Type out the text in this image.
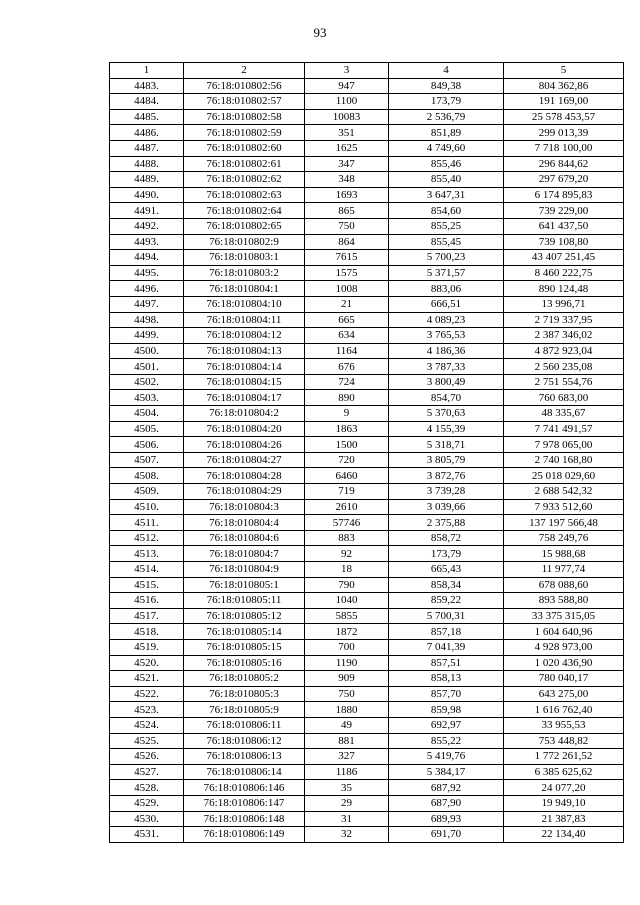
93
1	2	3	4	5
4483.	76:18:010802:56	947	849,38	804 362,86
4484.	76:18:010802:57	1100	173,79	191 169,00
4485.	76:18:010802:58	10083	2 536,79	25 578 453,57
4486.	76:18:010802:59	351	851,89	299 013,39
4487.	76:18:010802:60	1625	4 749,60	7 718 100,00
4488.	76:18:010802:61	347	855,46	296 844,62
4489.	76:18:010802:62	348	855,40	297 679,20
4490.	76:18:010802:63	1693	3 647,31	6 174 895,83
4491.	76:18:010802:64	865	854,60	739 229,00
4492.	76:18:010802:65	750	855,25	641 437,50
4493.	76:18:010802:9	864	855,45	739 108,80
4494.	76:18:010803:1	7615	5 700,23	43 407 251,45
4495.	76:18:010803:2	1575	5 371,57	8 460 222,75
4496.	76:18:010804:1	1008	883,06	890 124,48
4497.	76:18:010804:10	21	666,51	13 996,71
4498.	76:18:010804:11	665	4 089,23	2 719 337,95
4499.	76:18:010804:12	634	3 765,53	2 387 346,02
4500.	76:18:010804:13	1164	4 186,36	4 872 923,04
4501.	76:18:010804:14	676	3 787,33	2 560 235,08
4502.	76:18:010804:15	724	3 800,49	2 751 554,76
4503.	76:18:010804:17	890	854,70	760 683,00
4504.	76:18:010804:2	9	5 370,63	48 335,67
4505.	76:18:010804:20	1863	4 155,39	7 741 491,57
4506.	76:18:010804:26	1500	5 318,71	7 978 065,00
4507.	76:18:010804:27	720	3 805,79	2 740 168,80
4508.	76:18:010804:28	6460	3 872,76	25 018 029,60
4509.	76:18:010804:29	719	3 739,28	2 688 542,32
4510.	76:18:010804:3	2610	3 039,66	7 933 512,60
4511.	76:18:010804:4	57746	2 375,88	137 197 566,48
4512.	76:18:010804:6	883	858,72	758 249,76
4513.	76:18:010804:7	92	173,79	15 988,68
4514.	76:18:010804:9	18	665,43	11 977,74
4515.	76:18:010805:1	790	858,34	678 088,60
4516.	76:18:010805:11	1040	859,22	893 588,80
4517.	76:18:010805:12	5855	5 700,31	33 375 315,05
4518.	76:18:010805:14	1872	857,18	1 604 640,96
4519.	76:18:010805:15	700	7 041,39	4 928 973,00
4520.	76:18:010805:16	1190	857,51	1 020 436,90
4521.	76:18:010805:2	909	858,13	780 040,17
4522.	76:18:010805:3	750	857,70	643 275,00
4523.	76:18:010805:9	1880	859,98	1 616 762,40
4524.	76:18:010806:11	49	692,97	33 955,53
4525.	76:18:010806:12	881	855,22	753 448,82
4526.	76:18:010806:13	327	5 419,76	1 772 261,52
4527.	76:18:010806:14	1186	5 384,17	6 385 625,62
4528.	76:18:010806:146	35	687,92	24 077,20
4529.	76:18:010806:147	29	687,90	19 949,10
4530.	76:18:010806:148	31	689,93	21 387,83
4531.	76:18:010806:149	32	691,70	22 134,40
